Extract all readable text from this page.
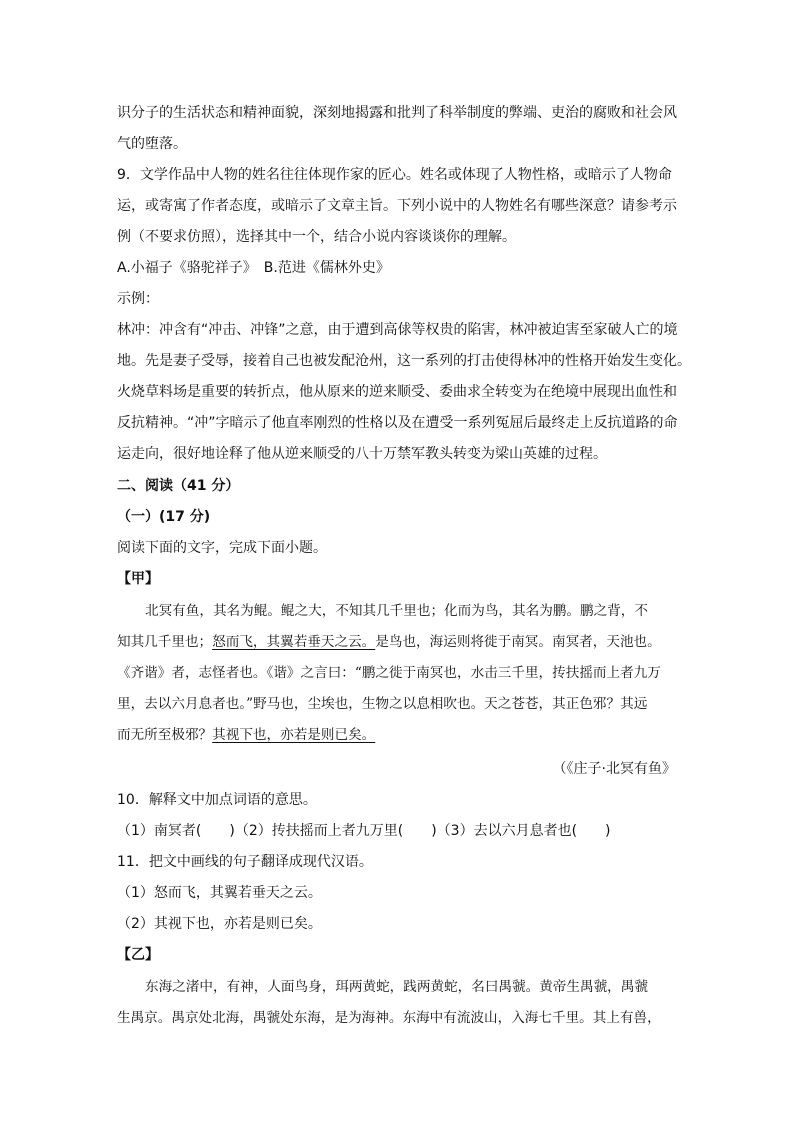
识分子的生活状态和精神面貌，深刻地揭露和批判了科举制度的弊端、吏治的腐败和社会风
气的堕落。
9．文学作品中人物的姓名往往体现作家的匠心。姓名或体现了人物性格，或暗示了人物命
运，或寄寓了作者态度，或暗示了文章主旨。下列小说中的人物姓名有哪些深意？请参考示
例（不要求仿照），选择其中一个，结合小说内容谈谈你的理解。
A.小福子《骆驼祥子》　B.范进《儒林外史》
示例：
林冲：冲含有“冲击、冲锋”之意，由于遭到高俅等权贵的陷害，林冲被迫害至家破人亡的境
地。先是妻子受辱，接着自己也被发配沧州，这一系列的打击使得林冲的性格开始发生变化。
火烧草料场是重要的转折点，他从原来的逆来顺受、委曲求全转变为在绝境中展现出血性和
反抗精神。“冲”字暗示了他直率刚烈的性格以及在遭受一系列冤屈后最终走上反抗道路的命
运走向，很好地诠释了他从逆来顺受的八十万禁军教头转变为梁山英雄的过程。
二、阅读（41 分）
（一）(17 分)
阅读下面的文字，完成下面小题。
【甲】
北冥有鱼，其名为鲲。鲲之大，不知其几千里也；化而为鸟，其名为鹏。鹏之背，不
知其几千里也；怒而飞，其翼若垂天之云。是鸟也，海运则将徙于南冥。南冥者，天池也。
《齐谐》者，志怪者也。《谐》之言曰：“鹏之徙于南冥也，水击三千里，抟扶摇而上者九万
里，去以六月息者也。”野马也，尘埃也，生物之以息相吹也。天之苍苍，其正色邪？其远
而无所至极邪？其视下也，亦若是则已矣。
（《庄子·北冥有鱼》
10．解释文中加点词语的意思。
（1）南冥者(　　)（2）抟扶摇而上者九万里(　　)（3）去以六月息者也(　　)
11．把文中画线的句子翻译成现代汉语。
（1）怒而飞，其翼若垂天之云。
（2）其视下也，亦若是则已矣。
【乙】
东海之渚中，有神，人面鸟身，珥两黄蛇，践两黄蛇，名曰禺虢。黄帝生禺虢，禺虢
生禺京。禺京处北海，禺虢处东海，是为海神。东海中有流波山，入海七千里。其上有兽，
